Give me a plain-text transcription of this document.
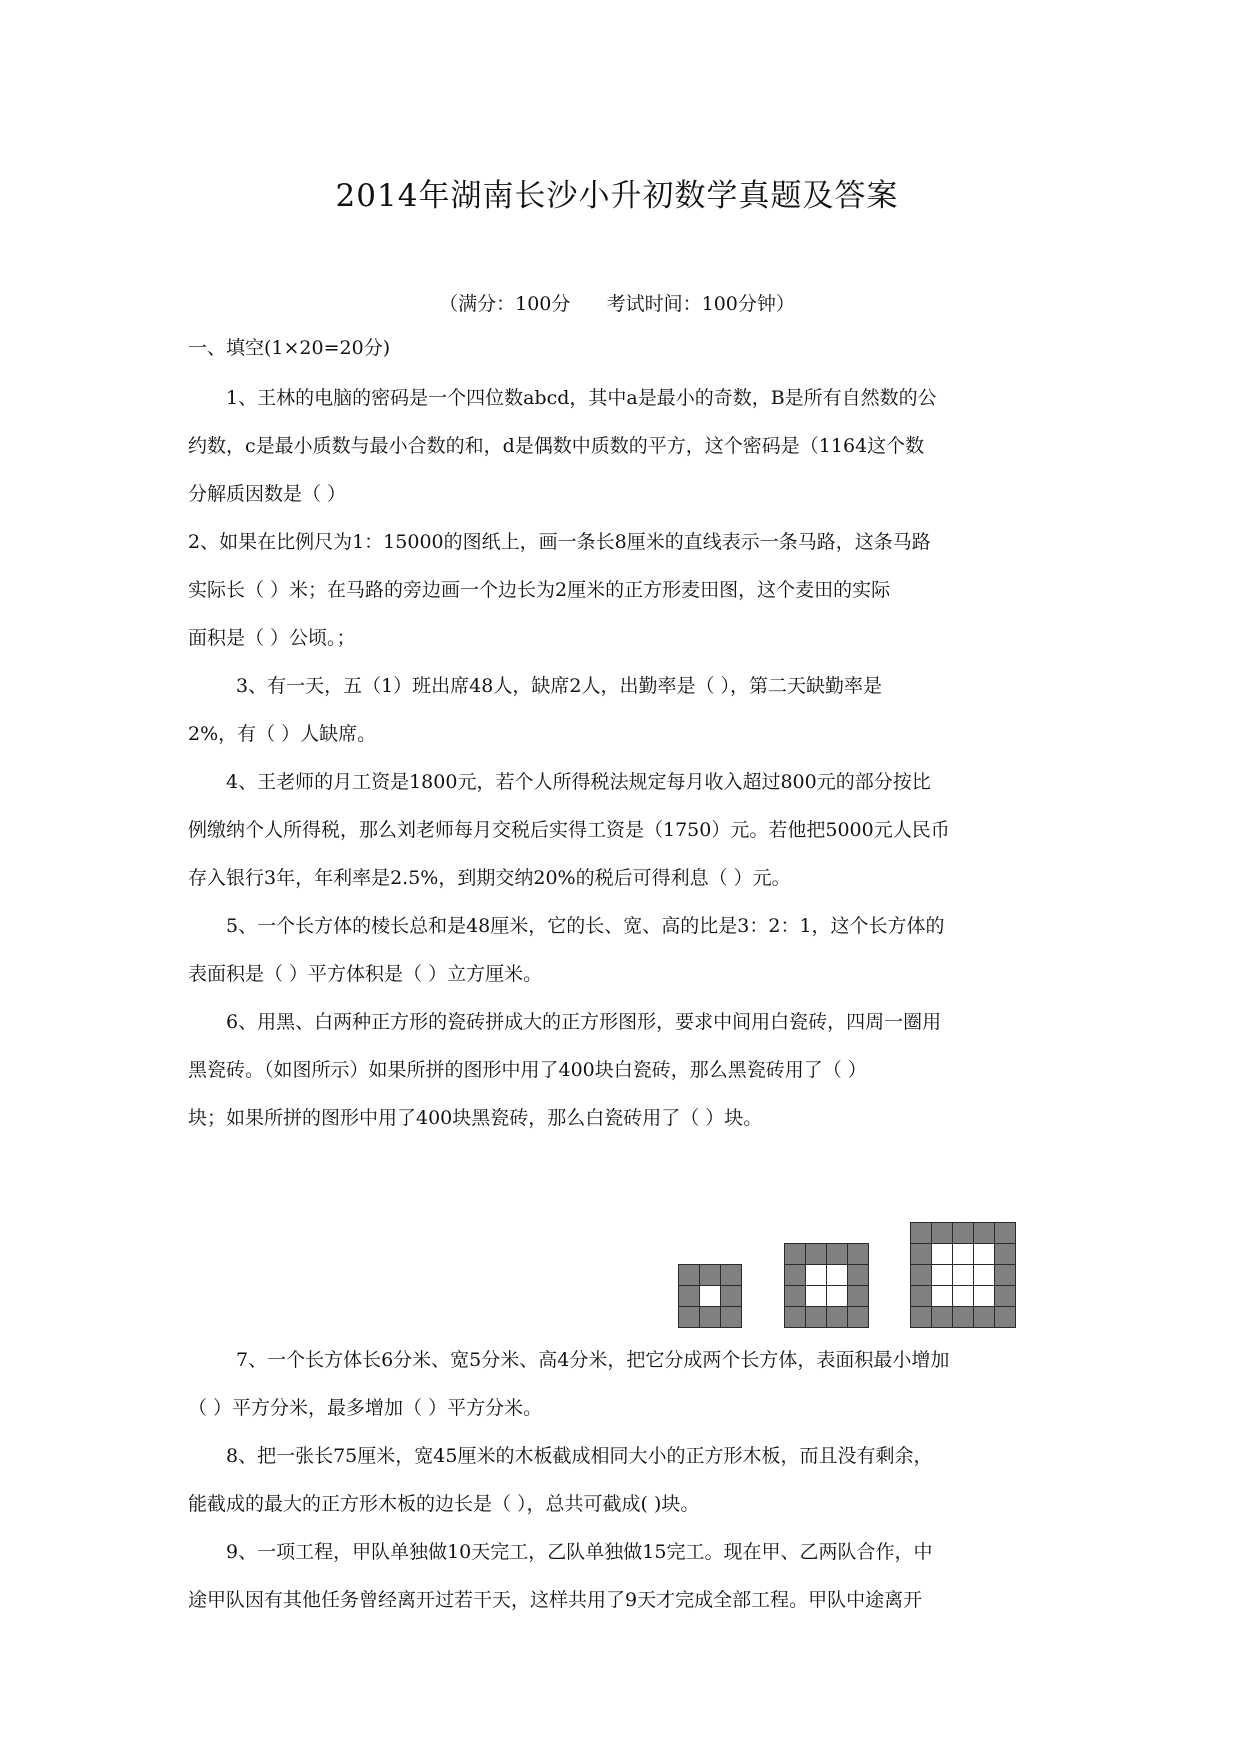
2014年湖南长沙小升初数学真题及答案
（满分：100分      考试时间：100分钟）
一、填空(1×20=20分)

1、王林的电脑的密码是一个四位数abcd，其中a是最小的奇数，B是所有自然数的公

约数，c是最小质数与最小合数的和，d是偶数中质数的平方，这个密码是（1164这个数

分解质因数是（ ）

2、如果在比例尺为1：15000的图纸上，画一条长8厘米的直线表示一条马路，这条马路

实际长（ ）米；在马路的旁边画一个边长为2厘米的正方形麦田图，这个麦田的实际

面积是（ ）公顷。；

3、有一天，五（1）班出席48人，缺席2人，出勤率是（ ），第二天缺勤率是

2%，有（ ）人缺席。

4、王老师的月工资是1800元，若个人所得税法规定每月收入超过800元的部分按比

例缴纳个人所得税，那么刘老师每月交税后实得工资是（1750）元。若他把5000元人民币

存入银行3年，年利率是2.5%，到期交纳20%的税后可得利息（ ）元。

5、一个长方体的棱长总和是48厘米，它的长、宽、高的比是3：2：1，这个长方体的

表面积是（ ）平方体积是（ ）立方厘米。

6、用黑、白两种正方形的瓷砖拼成大的正方形图形，要求中间用白瓷砖，四周一圈用

黑瓷砖。（如图所示）如果所拼的图形中用了400块白瓷砖，那么黑瓷砖用了（ ）

块；如果所拼的图形中用了400块黑瓷砖，那么白瓷砖用了（ ）块。

7、一个长方体长6分米、宽5分米、高4分米，把它分成两个长方体，表面积最小增加

（ ）平方分米，最多增加（ ）平方分米。

8、把一张长75厘米，宽45厘米的木板截成相同大小的正方形木板，而且没有剩余，

能截成的最大的正方形木板的边长是（ ），总共可截成( )块。

9、一项工程，甲队单独做10天完工，乙队单独做15完工。现在甲、乙两队合作，中

途甲队因有其他任务曾经离开过若干天，这样共用了9天才完成全部工程。甲队中途离开
